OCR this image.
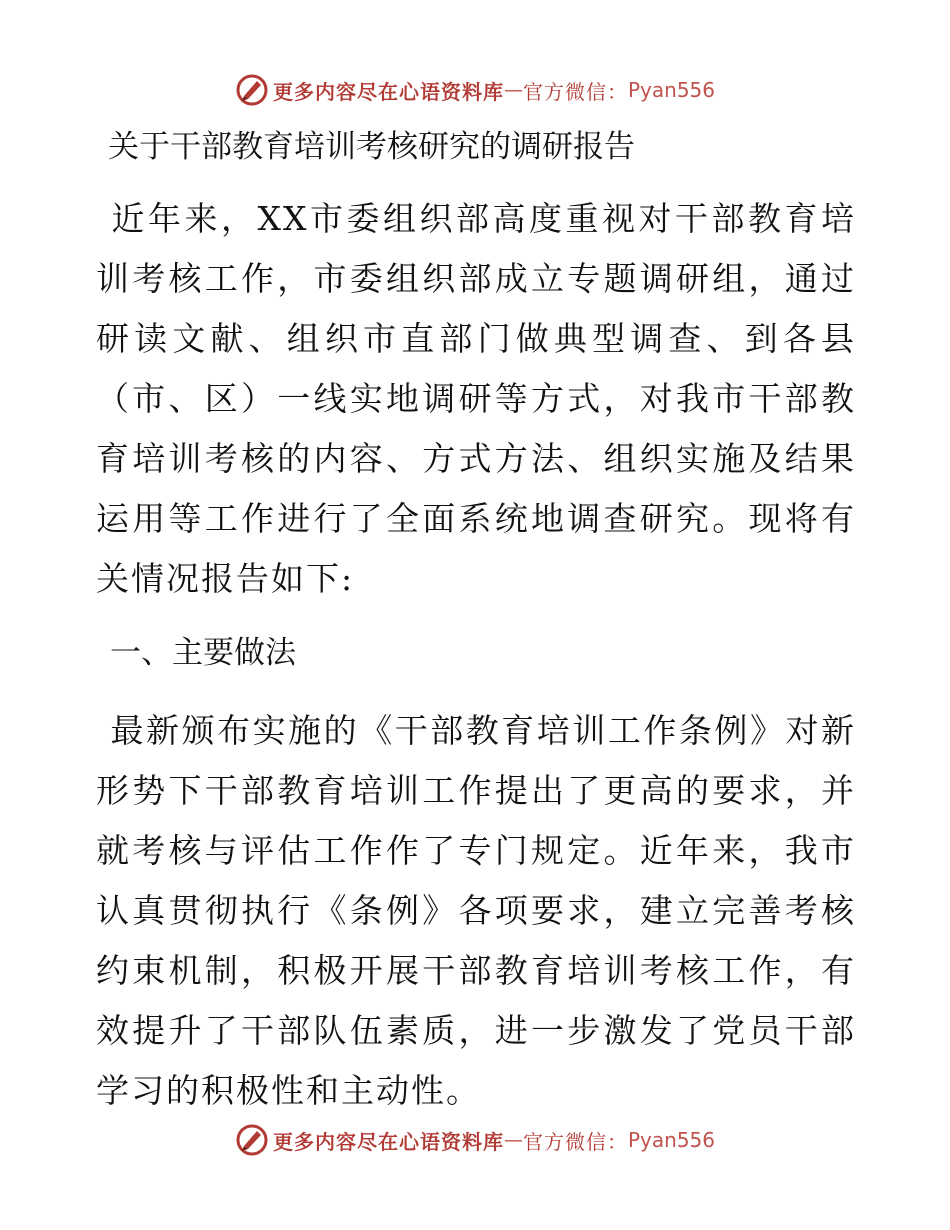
更多内容尽在心语资料库 — 官方微信： Pyan556
关于干部教育培训考核研究的调研报告

近年来，XX市委组织部高度重视对干部教育培训考核工作，市委组织部成立专题调研组，通过研读文献、组织市直部门做典型调查、到各县（市、区）一线实地调研等方式，对我市干部教育培训考核的内容、方式方法、组织实施及结果运用等工作进行了全面系统地调查研究。现将有关情况报告如下:

一、主要做法

最新颁布实施的《干部教育培训工作条例》对新形势下干部教育培训工作提出了更高的要求，并就考核与评估工作作了专门规定。近年来，我市认真贯彻执行《条例》各项要求，建立完善考核约束机制，积极开展干部教育培训考核工作，有效提升了干部队伍素质，进一步激发了党员干部学习的积极性和主动性。

更多内容尽在心语资料库 — 官方微信： Pyan556
